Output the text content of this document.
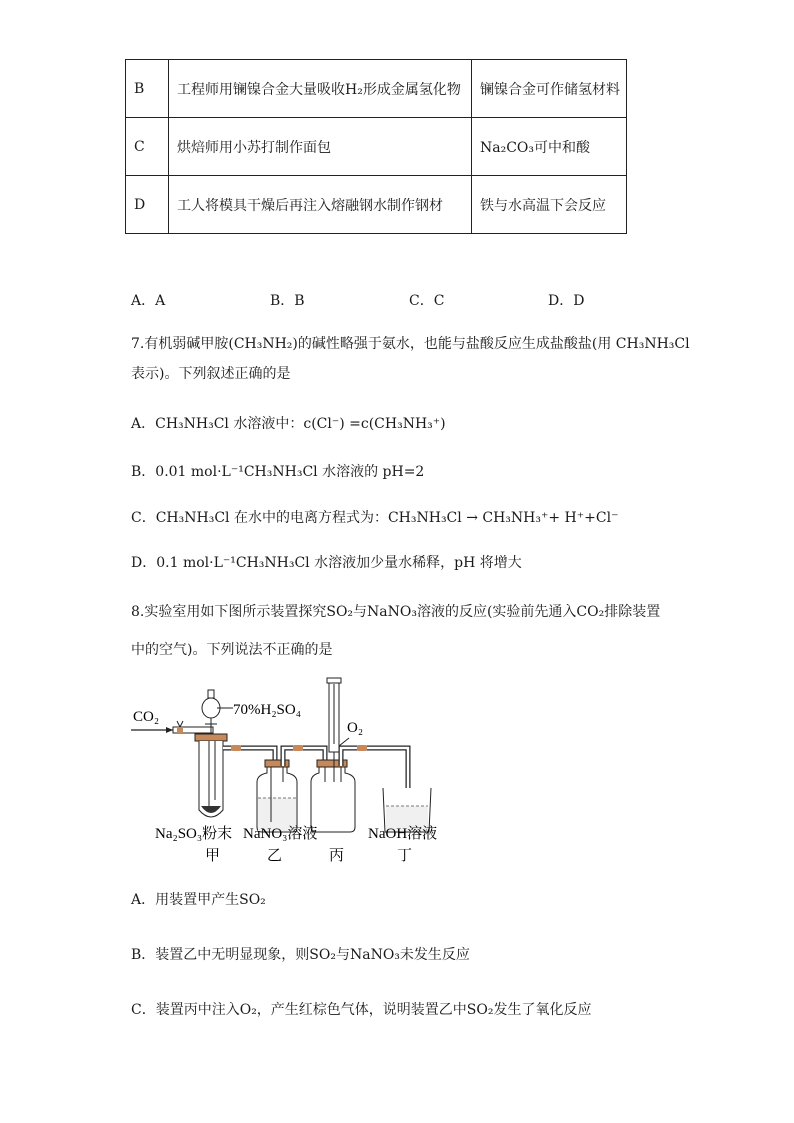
B	工程师用镧镍合金大量吸收H₂形成金属氢化物	镧镍合金可作储氢材料
C	烘焙师用小苏打制作面包	Na₂CO₃可中和酸
D	工人将模具干燥后再注入熔融钢水制作钢材	铁与水高温下会反应
A．A	B．B	C．C	D．D
7.有机弱碱甲胺(CH₃NH₂)的碱性略强于氨水，也能与盐酸反应生成盐酸盐(用 CH₃NH₃Cl
表示)。下列叙述正确的是
A．CH₃NH₃Cl 水溶液中：c(Cl⁻) =c(CH₃NH₃⁺)
B．0.01 mol·L⁻¹CH₃NH₃Cl 水溶液的 pH=2
C．CH₃NH₃Cl 在水中的电离方程式为：CH₃NH₃Cl → CH₃NH₃⁺+ H⁺+Cl⁻
D．0.1 mol·L⁻¹CH₃NH₃Cl 水溶液加少量水稀释，pH 将增大
8.实验室用如下图所示装置探究SO₂与NaNO₃溶液的反应(实验前先通入CO₂排除装置
中的空气)。下列说法不正确的是
CO₂	70%H₂SO₄
O₂
Na₂SO₃粉末 NaNO₃溶液	NaOH溶液
甲	乙	丙	丁
A．用装置甲产生SO₂
B．装置乙中无明显现象，则SO₂与NaNO₃未发生反应
C．装置丙中注入O₂，产生红棕色气体，说明装置乙中SO₂发生了氧化反应
